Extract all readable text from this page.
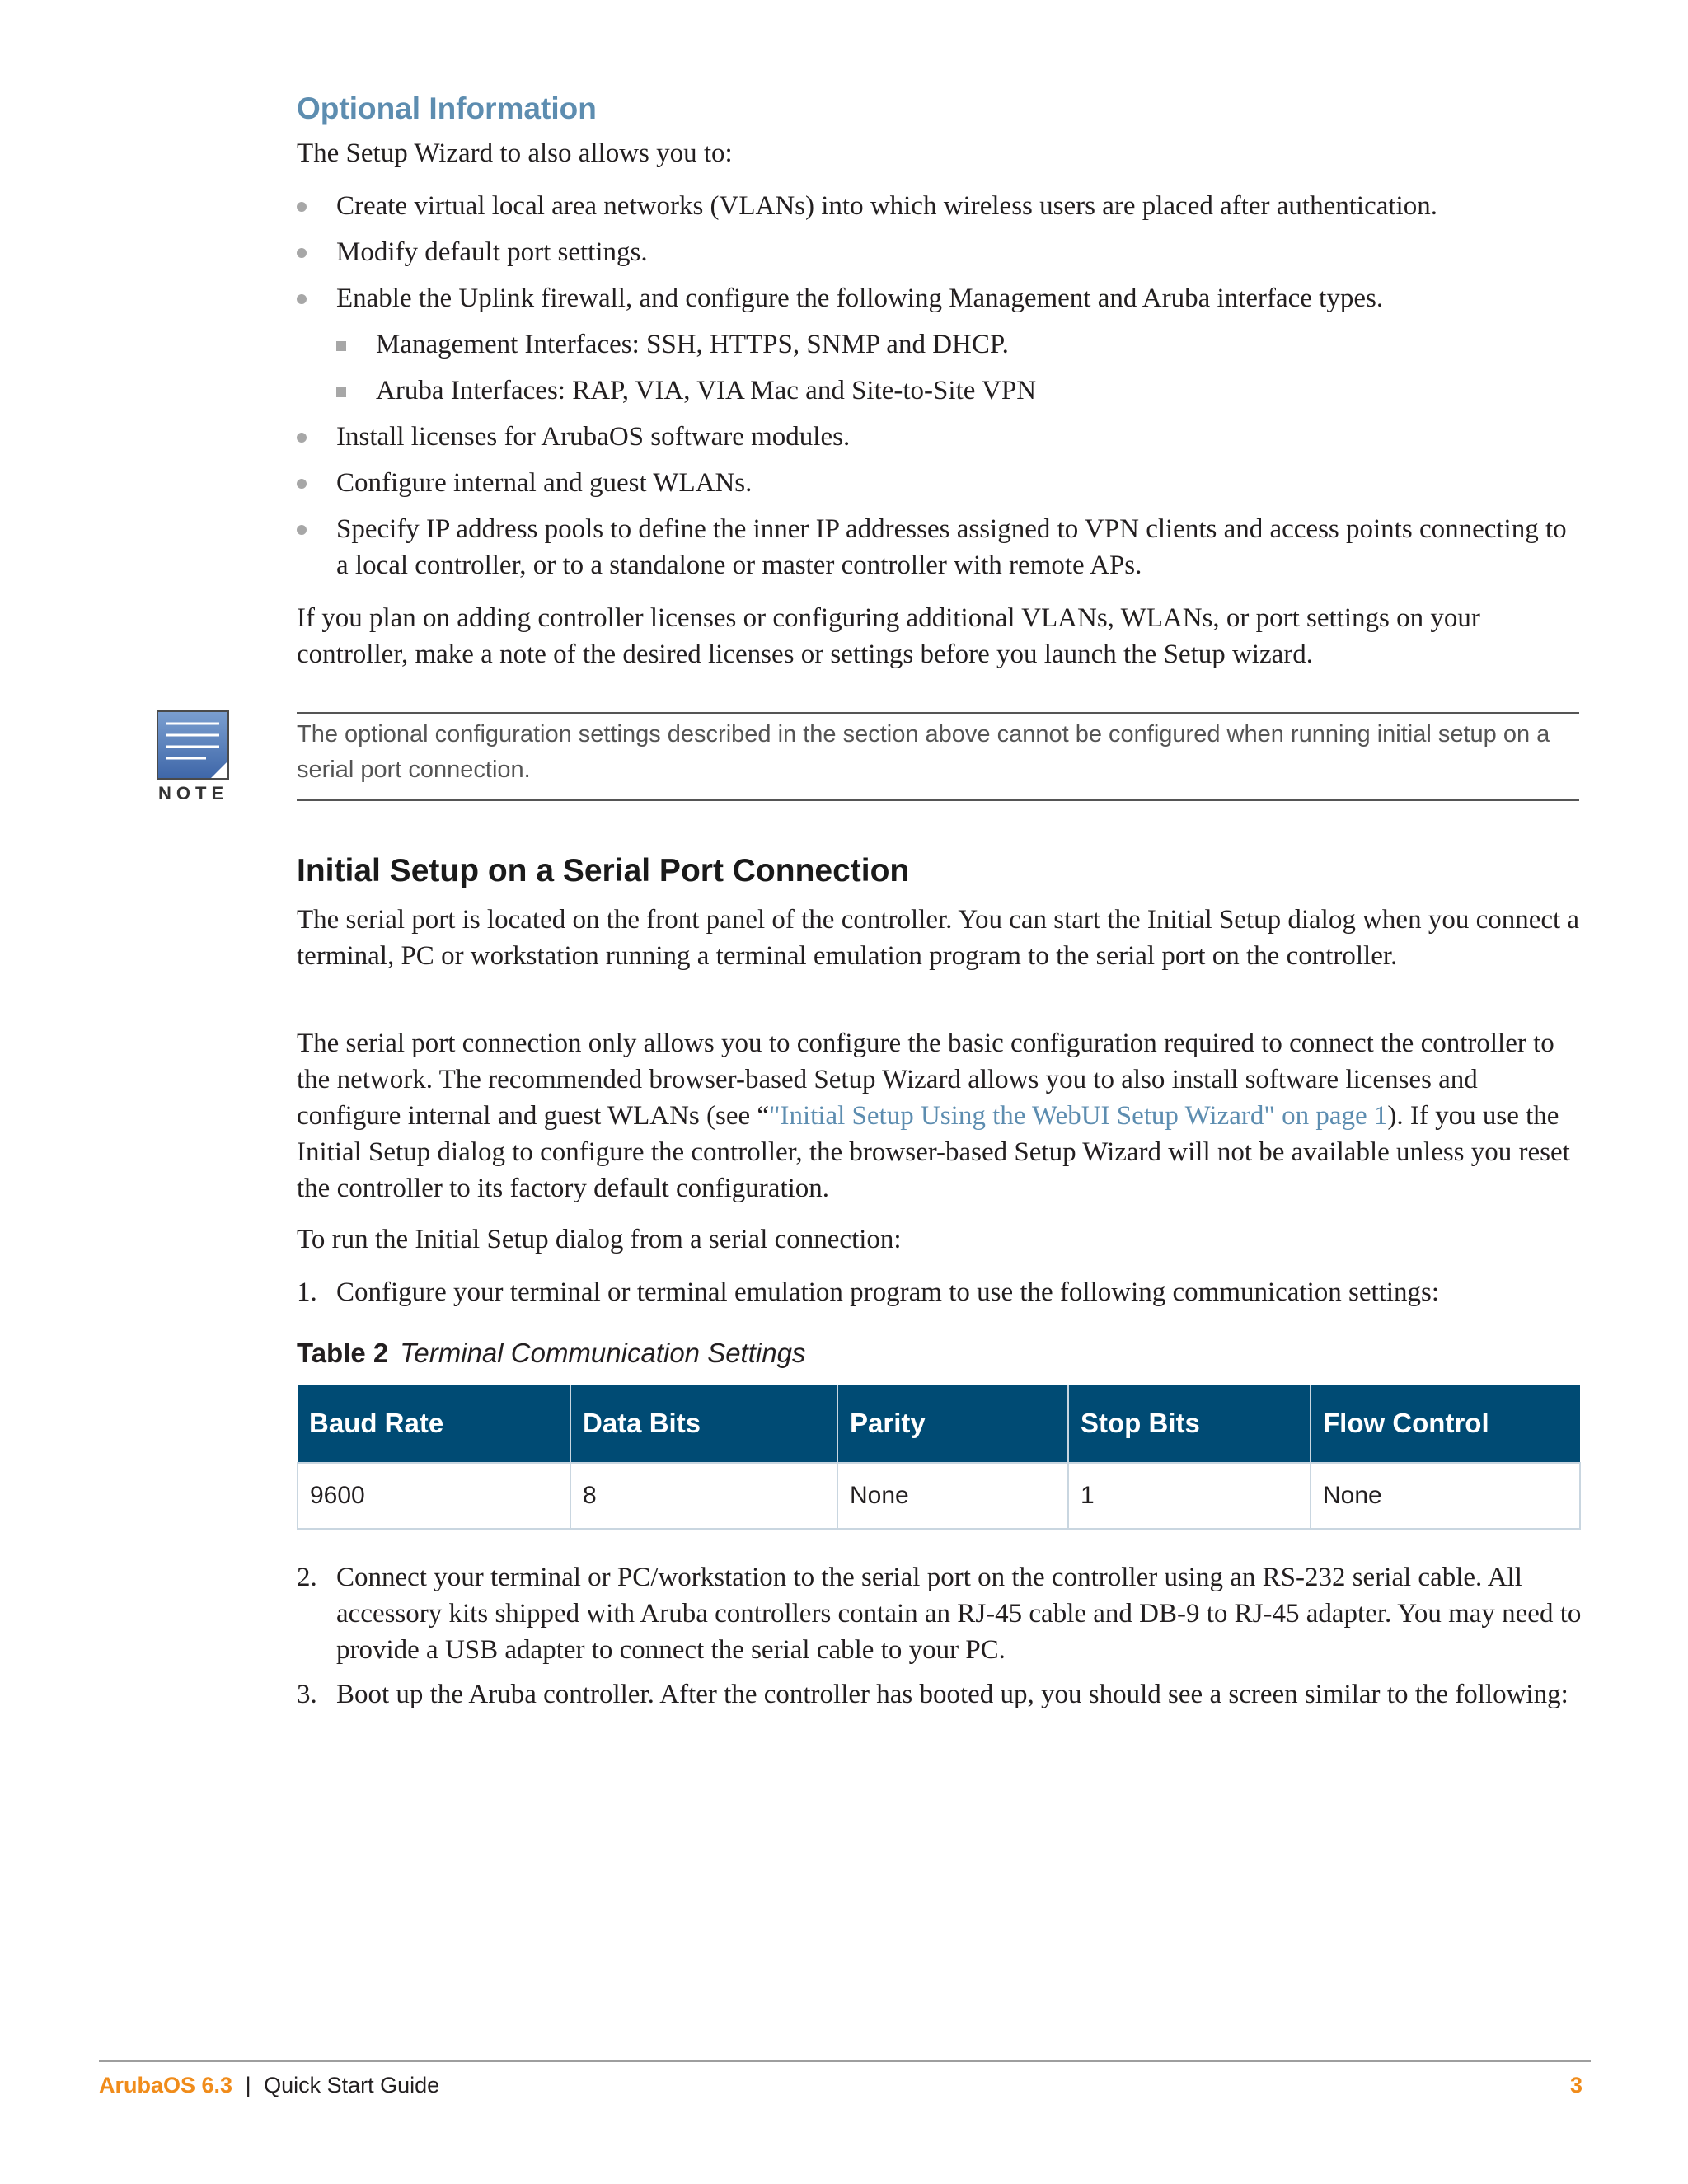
Optional Information

The Setup Wizard to also allows you to:

Create virtual local area networks (VLANs) into which wireless users are placed after authentication.
Modify default port settings.
Enable the Uplink firewall, and configure the following Management and Aruba interface types.
Management Interfaces: SSH, HTTPS, SNMP and DHCP.
Aruba Interfaces: RAP, VIA, VIA Mac and Site-to-Site VPN
Install licenses for ArubaOS software modules.
Configure internal and guest WLANs.
Specify IP address pools to define the inner IP addresses assigned to VPN clients and access points connecting to a local controller, or to a standalone or master controller with remote APs.

If you plan on adding controller licenses or configuring additional VLANs, WLANs, or port settings on your controller, make a note of the desired licenses or settings before you launch the Setup wizard.

Initial Setup on a Serial Port Connection

The serial port is located on the front panel of the controller. You can start the Initial Setup dialog when you connect a terminal, PC or workstation running a terminal emulation program to the serial port on the controller.

The serial port connection only allows you to configure the basic configuration required to connect the controller to the network. The recommended browser-based Setup Wizard allows you to also install software licenses and configure internal and guest WLANs (see “"Initial Setup Using the WebUI Setup Wizard" on page 1). If you use the Initial Setup dialog to configure the controller, the browser-based Setup Wizard will not be available unless you reset the controller to its factory default configuration.

To run the Initial Setup dialog from a serial connection:

1. Configure your terminal or terminal emulation program to use the following communication settings:
Table 2 Terminal Communication Settings
2. Connect your terminal or PC/workstation to the serial port on the controller using an RS-232 serial cable. All accessory kits shipped with Aruba controllers contain an RJ-45 cable and DB-9 to RJ-45 adapter. You may need to provide a USB adapter to connect the serial cable to your PC.
3. Boot up the Aruba controller. After the controller has booted up, you should see a screen similar to the following:
NOTE
The optional configuration settings described in the section above cannot be configured when running initial setup on a serial port connection.
Baud Rate	Data Bits	Parity	Stop Bits	Flow Control
9600	8	None	1	None
ArubaOS 6.3 | Quick Start Guide	3
